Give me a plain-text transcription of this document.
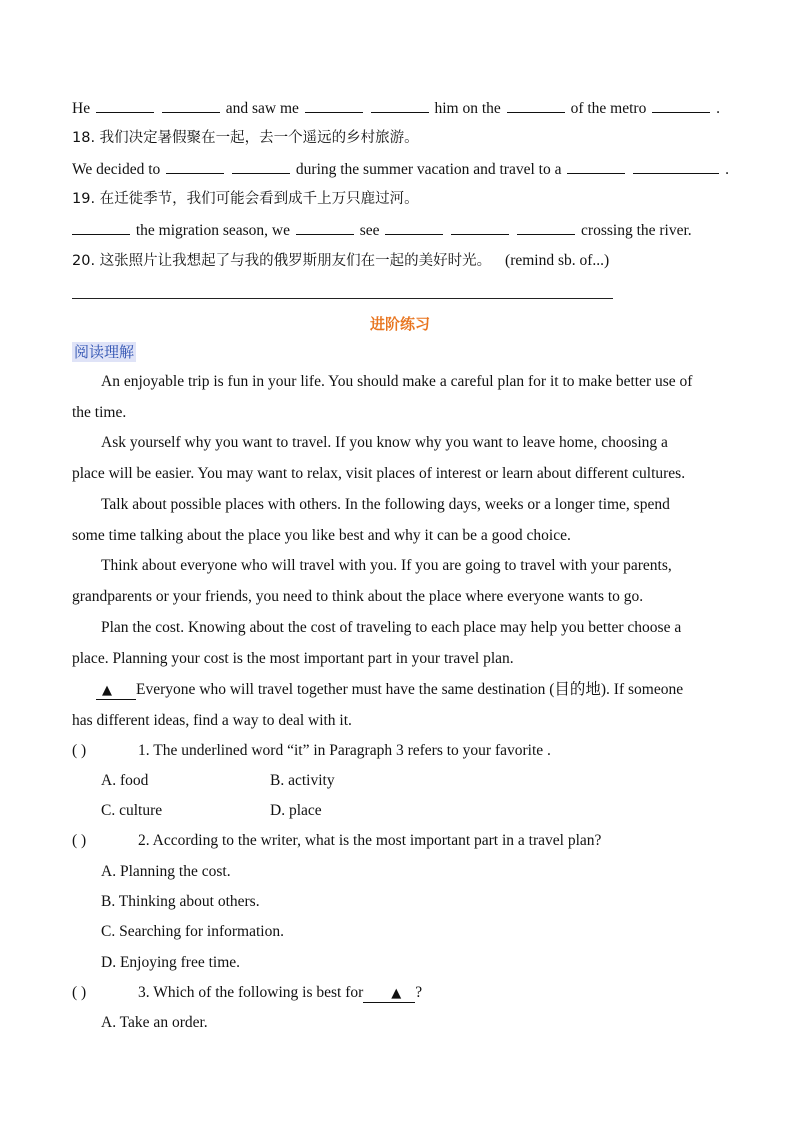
He	and saw me	him on the	of the metro	.
18. 我们决定暑假聚在一起，去一个遥远的乡村旅游。
We decided to	during the summer vacation and travel to a	.
19. 在迁徙季节，我们可能会看到成千上万只鹿过河。
the migration season, we	see	crossing the river.
20. 这张照片让我想起了与我的俄罗斯朋友们在一起的美好时光。 (remind sb. of...)
进阶练习
阅读理解
An enjoyable trip is fun in your life. You should make a careful plan for it to make better use of
the time.
Ask yourself why you want to travel. If you know why you want to leave home, choosing a
place will be easier. You may want to relax, visit places of interest or learn about different cultures.
Talk about possible places with others. In the following days, weeks or a longer time, spend
some time talking about the place you like best and why it can be a good choice.
Think about everyone who will travel with you. If you are going to travel with your parents,
grandparents or your friends, you need to think about the place where everyone wants to go.
Plan the cost. Knowing about the cost of traveling to each place may help you better choose a
place. Planning your cost is the most important part in your travel plan.
▲ Everyone who will travel together must have the same destination (目的地). If someone
has different ideas, find a way to deal with it.
( )	1. The underlined word “it” in Paragraph 3 refers to your favorite .
A. food	B. activity
C. culture	D. place
( )	2. According to the writer, what is the most important part in a travel plan?
A. Planning the cost.
B. Thinking about others.
C. Searching for information.
D. Enjoying free time.
( )	3. Which of the following is best for ▲ ?
A. Take an order.
